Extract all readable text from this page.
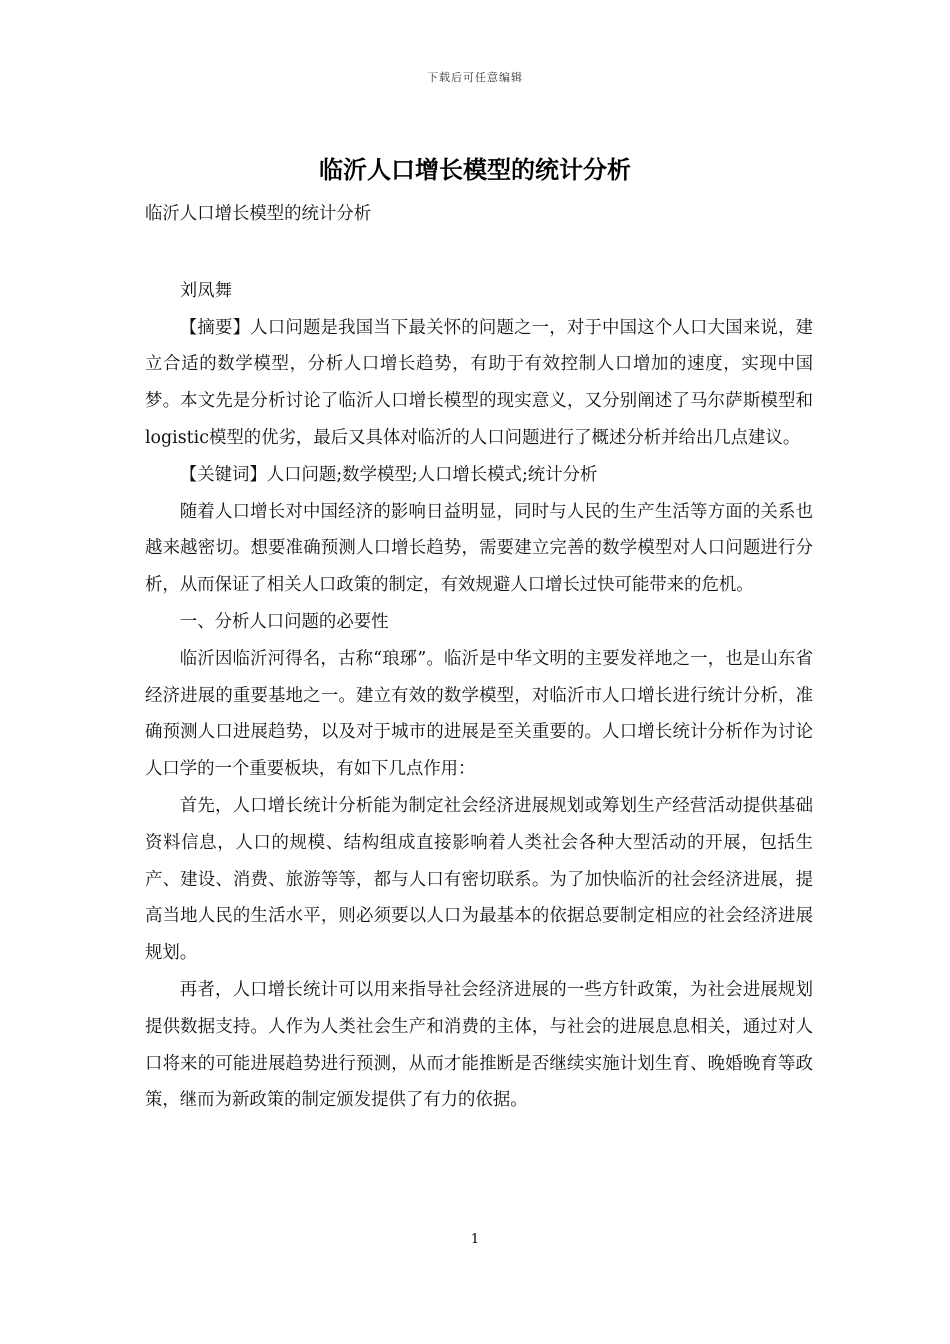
下载后可任意编辑
临沂人口增长模型的统计分析

临沂人口增长模型的统计分析

刘凤舞

【摘要】人口问题是我国当下最关怀的问题之一，对于中国这个人口大国来说，建立合适的数学模型，分析人口增长趋势，有助于有效控制人口增加的速度，实现中国梦。本文先是分析讨论了临沂人口增长模型的现实意义，又分别阐述了马尔萨斯模型和logistic模型的优劣，最后又具体对临沂的人口问题进行了概述分析并给出几点建议。

【关键词】人口问题;数学模型;人口增长模式;统计分析

随着人口增长对中国经济的影响日益明显，同时与人民的生产生活等方面的关系也越来越密切。想要准确预测人口增长趋势，需要建立完善的数学模型对人口问题进行分析，从而保证了相关人口政策的制定，有效规避人口增长过快可能带来的危机。

一、分析人口问题的必要性

临沂因临沂河得名，古称“琅琊”。临沂是中华文明的主要发祥地之一，也是山东省经济进展的重要基地之一。建立有效的数学模型，对临沂市人口增长进行统计分析，准确预测人口进展趋势，以及对于城市的进展是至关重要的。人口增长统计分析作为讨论人口学的一个重要板块，有如下几点作用：

首先，人口增长统计分析能为制定社会经济进展规划或筹划生产经营活动提供基础资料信息，人口的规模、结构组成直接影响着人类社会各种大型活动的开展，包括生产、建设、消费、旅游等等，都与人口有密切联系。为了加快临沂的社会经济进展，提高当地人民的生活水平，则必须要以人口为最基本的依据总要制定相应的社会经济进展规划。

再者，人口增长统计可以用来指导社会经济进展的一些方针政策，为社会进展规划提供数据支持。人作为人类社会生产和消费的主体，与社会的进展息息相关，通过对人口将来的可能进展趋势进行预测，从而才能推断是否继续实施计划生育、晚婚晚育等政策，继而为新政策的制定颁发提供了有力的依据。

1
